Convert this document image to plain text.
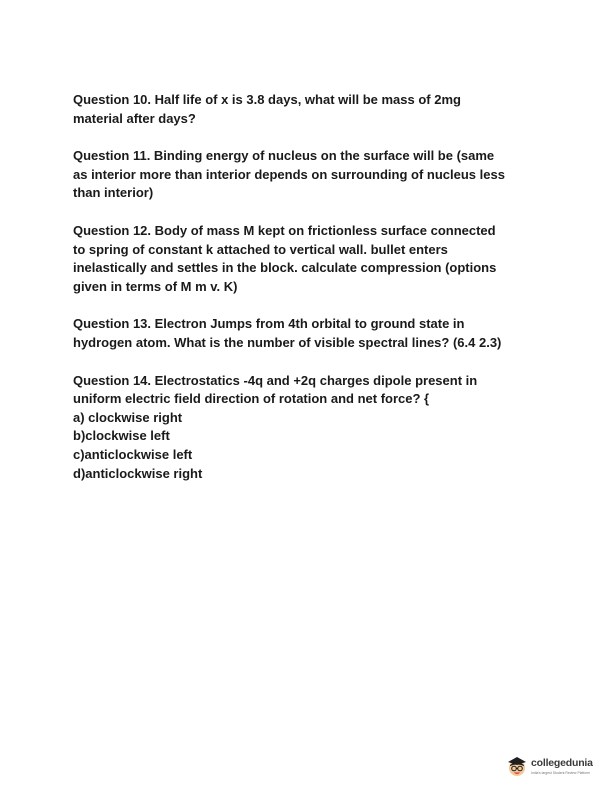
Question 10. Half life of x is 3.8 days, what will be mass of 2mg
material after days?
Question 11. Binding energy of nucleus on the surface will be (same
as interior more than interior depends on surrounding of nucleus less
than interior)
Question 12. Body of mass M kept on frictionless surface connected
to spring of constant k attached to vertical wall. bullet enters
inelastically and settles in the block. calculate compression (options
given in terms of M m v. K)
Question 13. Electron Jumps from 4th orbital to ground state in
hydrogen atom. What is the number of visible spectral lines? (6.4 2.3)
Question 14. Electrostatics -4q and +2q charges dipole present in
uniform electric field direction of rotation and net force? {
a) clockwise right
b)clockwise left
c)anticlockwise left
d)anticlockwise right
collegedunia
India's largest Student Review Platform
